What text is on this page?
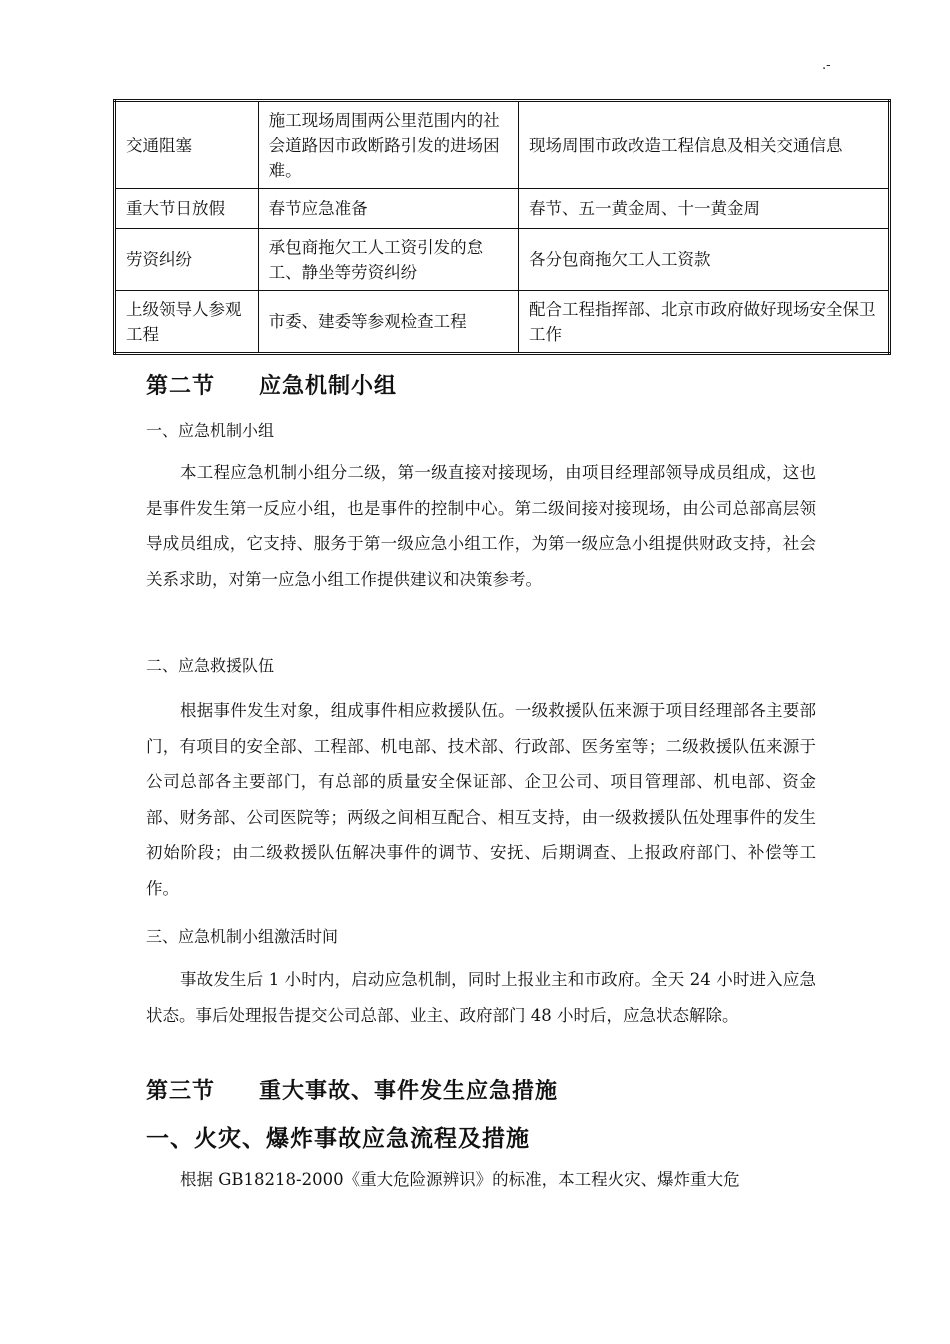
.-
交通阻塞	施工现场周围两公里范围内的社会道路因市政断路引发的进场困难。	现场周围市政改造工程信息及相关交通信息
重大节日放假	春节应急准备	春节、五一黄金周、十一黄金周
劳资纠纷	承包商拖欠工人工资引发的怠工、静坐等劳资纠纷	各分包商拖欠工人工资款
上级领导人参观工程	市委、建委等参观检查工程	配合工程指挥部、北京市政府做好现场安全保卫工作
第二节 应急机制小组
一、应急机制小组
本工程应急机制小组分二级，第一级直接对接现场，由项目经理部领导成员组成，这也是事件发生第一反应小组，也是事件的控制中心。第二级间接对接现场，由公司总部高层领导成员组成，它支持、服务于第一级应急小组工作，为第一级应急小组提供财政支持，社会关系求助，对第一应急小组工作提供建议和决策参考。
二、应急救援队伍
根据事件发生对象，组成事件相应救援队伍。一级救援队伍来源于项目经理部各主要部门，有项目的安全部、工程部、机电部、技术部、行政部、医务室等；二级救援队伍来源于公司总部各主要部门，有总部的质量安全保证部、企卫公司、项目管理部、机电部、资金部、财务部、公司医院等；两级之间相互配合、相互支持，由一级救援队伍处理事件的发生初始阶段；由二级救援队伍解决事件的调节、安抚、后期调查、上报政府部门、补偿等工作。
三、应急机制小组激活时间
事故发生后 1 小时内，启动应急机制，同时上报业主和市政府。全天 24 小时进入应急状态。事后处理报告提交公司总部、业主、政府部门 48 小时后，应急状态解除。
第三节 重大事故、事件发生应急措施
一、火灾、爆炸事故应急流程及措施
根据 GB18218-2000《重大危险源辨识》的标准，本工程火灾、爆炸重大危
